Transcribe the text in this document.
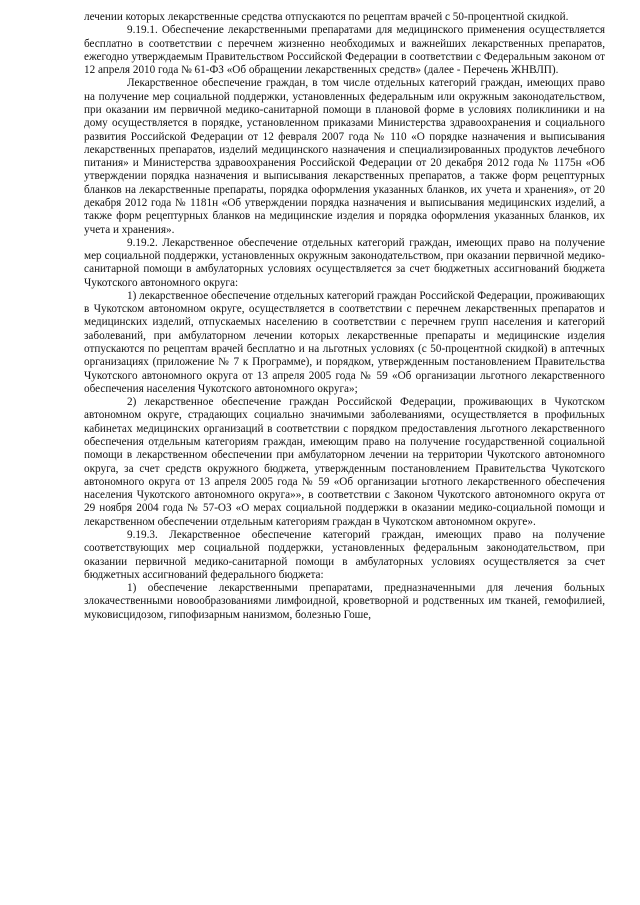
лечении которых лекарственные средства отпускаются по рецептам врачей с 50-процентной скидкой.

9.19.1. Обеспечение лекарственными препаратами для медицинского применения осуществляется бесплатно в соответствии с перечнем жизненно необходимых и важнейших лекарственных препаратов, ежегодно утверждаемым Правительством Российской Федерации в соответствии с Федеральным законом от 12 апреля 2010 года № 61-ФЗ «Об обращении лекарственных средств» (далее - Перечень ЖНВЛП).

Лекарственное обеспечение граждан, в том числе отдельных категорий граждан, имеющих право на получение мер социальной поддержки, установленных федеральным или окружным законодательством, при оказании им первичной медико-санитарной помощи в плановой форме в условиях поликлиники и на дому осуществляется в порядке, установленном приказами Министерства здравоохранения и социального развития Российской Федерации от 12 февраля 2007 года № 110 «О порядке назначения и выписывания лекарственных препаратов, изделий медицинского назначения и специализированных продуктов лечебного питания» и Министерства здравоохранения Российской Федерации от 20 декабря 2012 года № 1175н «Об утверждении порядка назначения и выписывания лекарственных препаратов, а также форм рецептурных бланков на лекарственные препараты, порядка оформления указанных бланков, их учета и хранения», от 20 декабря 2012 года № 1181н «Об утверждении порядка назначения и выписывания медицинских изделий, а также форм рецептурных бланков на медицинские изделия и порядка оформления указанных бланков, их учета и хранения».

9.19.2. Лекарственное обеспечение отдельных категорий граждан, имеющих право на получение мер социальной поддержки, установленных окружным законодательством, при оказании первичной медико-санитарной помощи в амбулаторных условиях осуществляется за счет бюджетных ассигнований бюджета Чукотского автономного округа:

1) лекарственное обеспечение отдельных категорий граждан Российской Федерации, проживающих в Чукотском автономном округе, осуществляется в соответствии с перечнем лекарственных препаратов и медицинских изделий, отпускаемых населению в соответствии с перечнем групп населения и категорий заболеваний, при амбулаторном лечении которых лекарственные препараты и медицинские изделия отпускаются по рецептам врачей бесплатно и на льготных условиях (с 50-процентной скидкой) в аптечных организациях (приложение № 7 к Программе), и порядком, утвержденным постановлением Правительства Чукотского автономного округа от 13 апреля 2005 года № 59 «Об организации льготного лекарственного обеспечения населения Чукотского автономного округа»;

2) лекарственное обеспечение граждан Российской Федерации, проживающих в Чукотском автономном округе, страдающих социально значимыми заболеваниями, осуществляется в профильных кабинетах медицинских организаций в соответствии с порядком предоставления льготного лекарственного обеспечения отдельным категориям граждан, имеющим право на получение государственной социальной помощи в лекарственном обеспечении при амбулаторном лечении на территории Чукотского автономного округа, за счет средств окружного бюджета, утвержденным постановлением Правительства Чукотского автономного округа от 13 апреля 2005 года № 59 «Об организации ьготного лекарственного обеспечения населения Чукотского автономного округа»», в соответствии с Законом Чукотского автономного округа от 29 ноября 2004 года № 57-ОЗ «О мерах социальной поддержки в оказании медико-социальной помощи и лекарственном обеспечении отдельным категориям граждан в Чукотском автономном округе».

9.19.3. Лекарственное обеспечение категорий граждан, имеющих право на получение соответствующих мер социальной поддержки, установленных федеральным законодательством, при оказании первичной медико-санитарной помощи в амбулаторных условиях осуществляется за счет бюджетных ассигнований федерального бюджета:

1) обеспечение лекарственными препаратами, предназначенными для лечения больных злокачественными новообразованиями лимфоидной, кроветворной и родственных им тканей, гемофилией, муковисцидозом, гипофизарным нанизмом, болезнью Гоше,
